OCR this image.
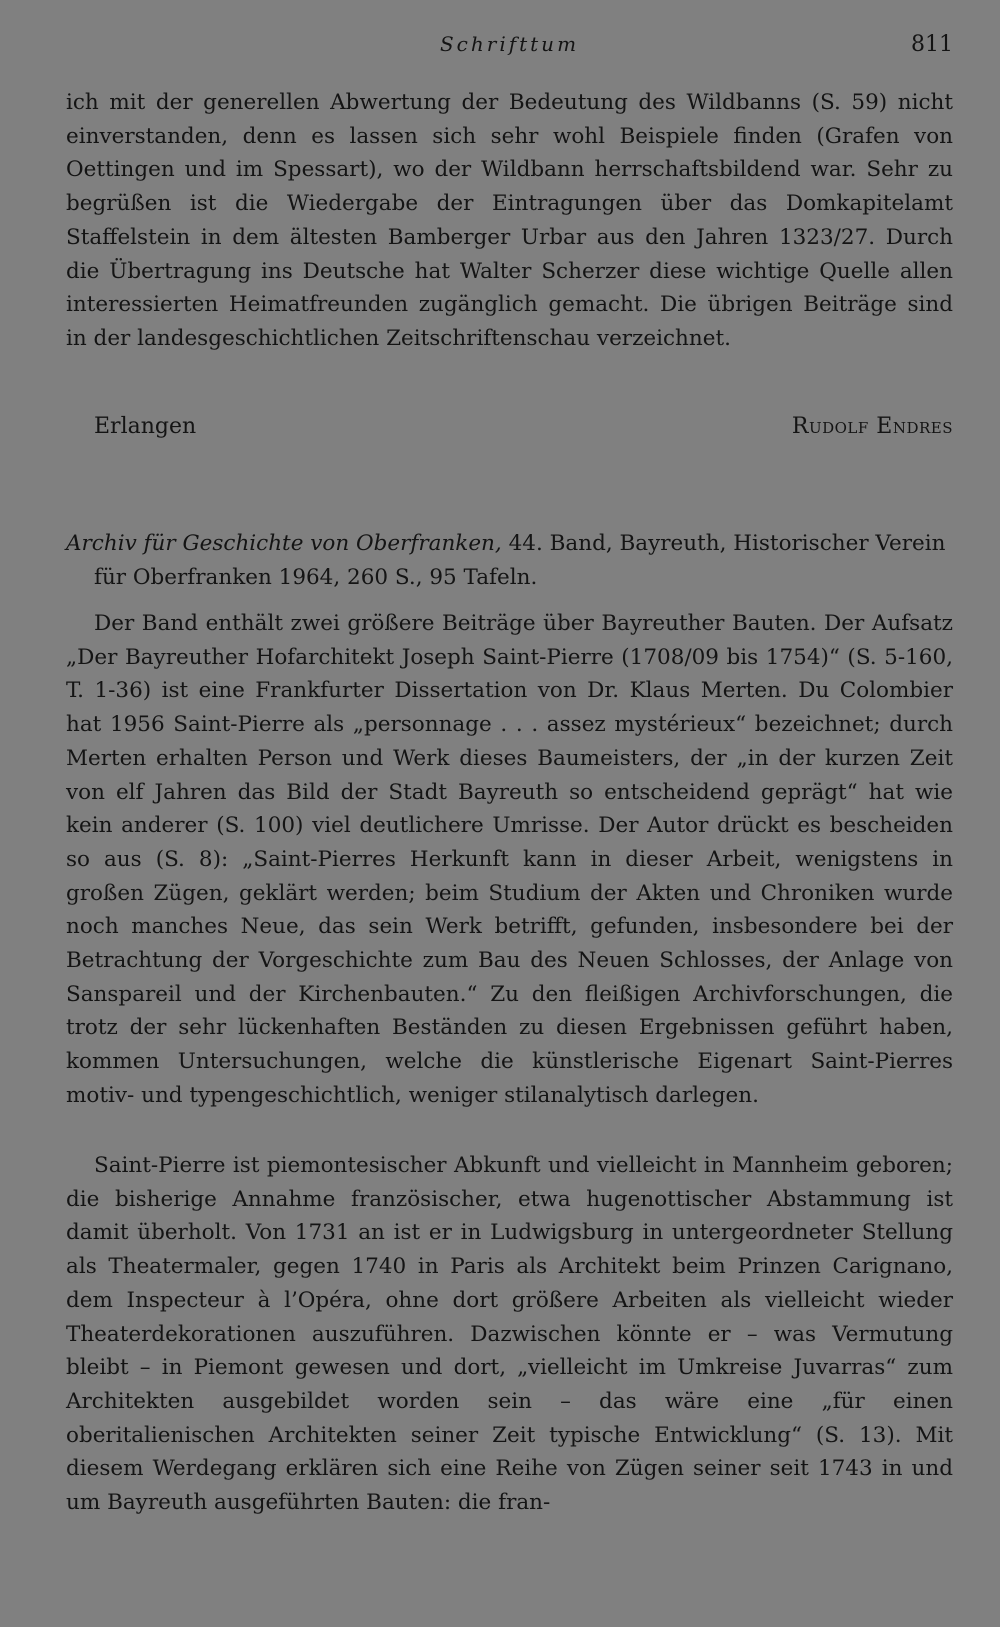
Schrifttum	811

ich mit der generellen Abwertung der Bedeutung des Wildbanns (S. 59) nicht einverstanden, denn es lassen sich sehr wohl Beispiele finden (Grafen von Oettingen und im Spessart), wo der Wildbann herrschaftsbildend war. Sehr zu begrüßen ist die Wiedergabe der Eintragungen über das Domkapitelamt Staffelstein in dem ältesten Bamberger Urbar aus den Jahren 1323/27. Durch die Übertragung ins Deutsche hat Walter Scherzer diese wichtige Quelle allen interessierten Heimatfreunden zugänglich gemacht. Die übrigen Beiträge sind in der landesgeschichtlichen Zeitschriftenschau verzeichnet.

Erlangen	Rudolf Endres

Archiv für Geschichte von Oberfranken, 44. Band, Bayreuth, Historischer Verein für Oberfranken 1964, 260 S., 95 Tafeln.

Der Band enthält zwei größere Beiträge über Bayreuther Bauten. Der Aufsatz „Der Bayreuther Hofarchitekt Joseph Saint-Pierre (1708/09 bis 1754)“ (S. 5-160, T. 1-36) ist eine Frankfurter Dissertation von Dr. Klaus Merten. Du Colombier hat 1956 Saint-Pierre als „personnage . . . assez mystérieux“ bezeichnet; durch Merten erhalten Person und Werk dieses Baumeisters, der „in der kurzen Zeit von elf Jahren das Bild der Stadt Bayreuth so entscheidend geprägt“ hat wie kein anderer (S. 100) viel deutlichere Umrisse. Der Autor drückt es bescheiden so aus (S. 8): „Saint-Pierres Herkunft kann in dieser Arbeit, wenigstens in großen Zügen, geklärt werden; beim Studium der Akten und Chroniken wurde noch manches Neue, das sein Werk betrifft, gefunden, insbesondere bei der Betrachtung der Vorgeschichte zum Bau des Neuen Schlosses, der Anlage von Sanspareil und der Kirchenbauten.“ Zu den fleißigen Archivforschungen, die trotz der sehr lückenhaften Beständen zu diesen Ergebnissen geführt haben, kommen Untersuchungen, welche die künstlerische Eigenart Saint-Pierres motiv- und typengeschichtlich, weniger stilanalytisch darlegen.

Saint-Pierre ist piemontesischer Abkunft und vielleicht in Mannheim geboren; die bisherige Annahme französischer, etwa hugenottischer Abstammung ist damit überholt. Von 1731 an ist er in Ludwigsburg in untergeordneter Stellung als Theatermaler, gegen 1740 in Paris als Architekt beim Prinzen Carignano, dem Inspecteur à l’Opéra, ohne dort größere Arbeiten als vielleicht wieder Theaterdekorationen auszuführen. Dazwischen könnte er – was Vermutung bleibt – in Piemont gewesen und dort, „vielleicht im Umkreise Juvarras“ zum Architekten ausgebildet worden sein – das wäre eine „für einen oberitalienischen Architekten seiner Zeit typische Entwicklung“ (S. 13). Mit diesem Werdegang erklären sich eine Reihe von Zügen seiner seit 1743 in und um Bayreuth ausgeführten Bauten: die fran-
